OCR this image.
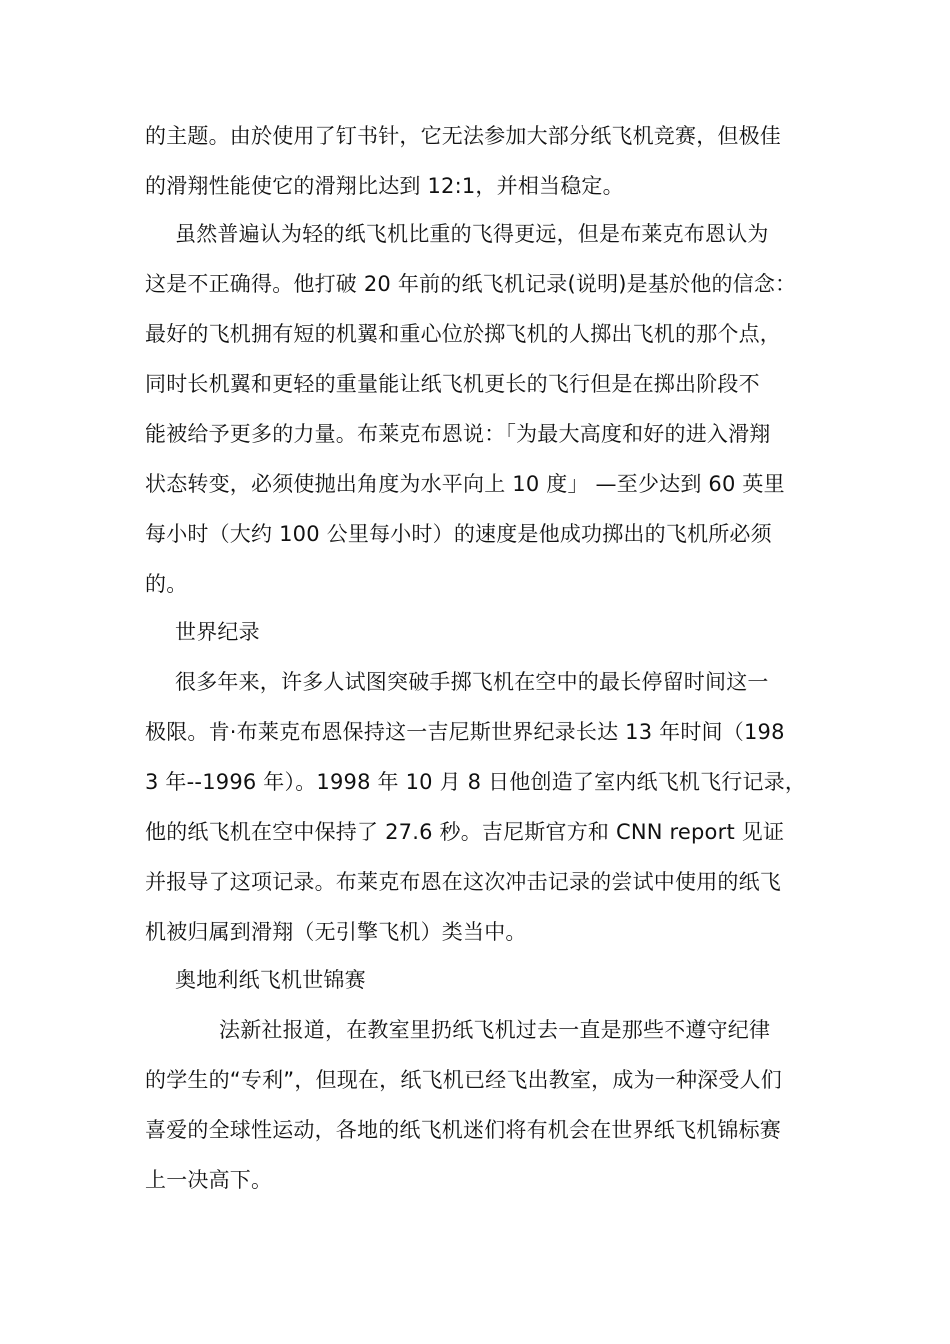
的主题。由於使用了钉书针，它无法参加大部分纸飞机竞赛，但极佳
的滑翔性能使它的滑翔比达到 12:1，并相当稳定。
虽然普遍认为轻的纸飞机比重的飞得更远，但是布莱克布恩认为
这是不正确得。他打破 20 年前的纸飞机记录(说明)是基於他的信念：
最好的飞机拥有短的机翼和重心位於掷飞机的人掷出飞机的那个点，
同时长机翼和更轻的重量能让纸飞机更长的飞行但是在掷出阶段不
能被给予更多的力量。布莱克布恩说：「为最大高度和好的进入滑翔
状态转变，必须使抛出角度为水平向上 10 度」 —至少达到 60 英里
每小时（大约 100 公里每小时）的速度是他成功掷出的飞机所必须
的。
世界纪录
很多年来，许多人试图突破手掷飞机在空中的最长停留时间这一
极限。肯·布莱克布恩保持这一吉尼斯世界纪录长达 13 年时间（198
3 年--1996 年）。1998 年 10 月 8 日他创造了室内纸飞机飞行记录，
他的纸飞机在空中保持了 27.6 秒。吉尼斯官方和 CNN report 见证
并报导了这项记录。布莱克布恩在这次冲击记录的尝试中使用的纸飞
机被归属到滑翔（无引擎飞机）类当中。
奥地利纸飞机世锦赛
法新社报道，在教室里扔纸飞机过去一直是那些不遵守纪律
的学生的“专利”，但现在，纸飞机已经飞出教室，成为一种深受人们
喜爱的全球性运动，各地的纸飞机迷们将有机会在世界纸飞机锦标赛
上一决高下。
